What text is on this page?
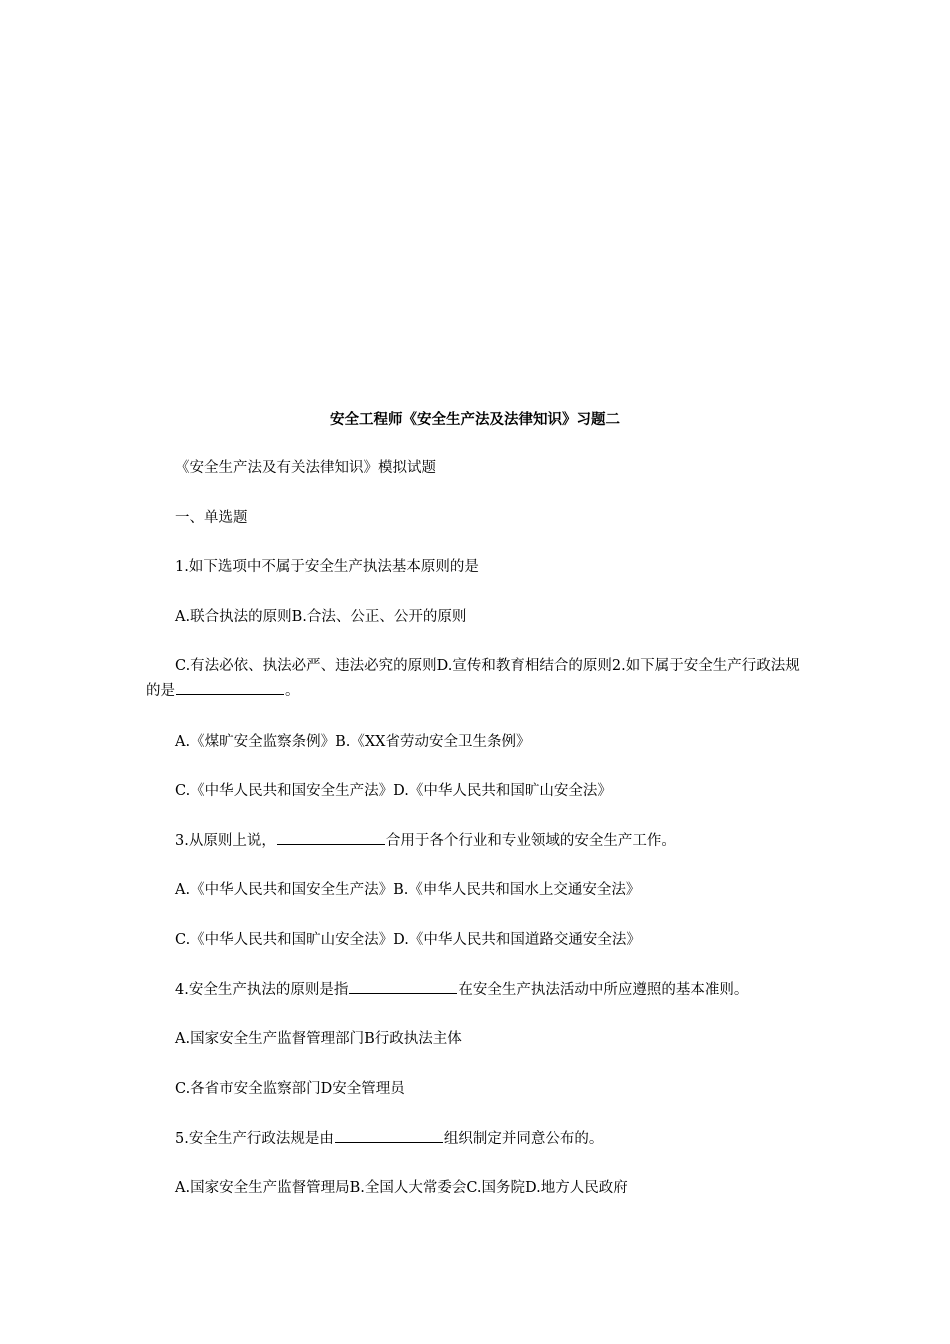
安全工程师《安全生产法及法律知识》习题二
《安全生产法及有关法律知识》模拟试题
一、单选题
1.如下选项中不属于安全生产执法基本原则的是
A.联合执法的原则B.合法、公正、公开的原则
C.有法必依、执法必严、违法必究的原则D.宣传和教育相结合的原则2.如下属于安全生产行政法规的是	。
A.《煤旷安全监察条例》B.《XX省劳动安全卫生条例》
C.《中华人民共和国安全生产法》D.《中华人民共和国旷山安全法》
3.从原则上说，	合用于各个行业和专业领域的安全生产工作。
A.《中华人民共和国安全生产法》B.《申华人民共和国水上交通安全法》
C.《中华人民共和国旷山安全法》D.《中华人民共和国道路交通安全法》
4.安全生产执法的原则是指	在安全生产执法活动中所应遵照的基本准则。
A.国家安全生产监督管理部门B行政执法主体
C.各省市安全监察部门D安全管理员
5.安全生产行政法规是由	组织制定并同意公布的。
A.国家安全生产监督管理局B.全国人大常委会C.国务院D.地方人民政府
